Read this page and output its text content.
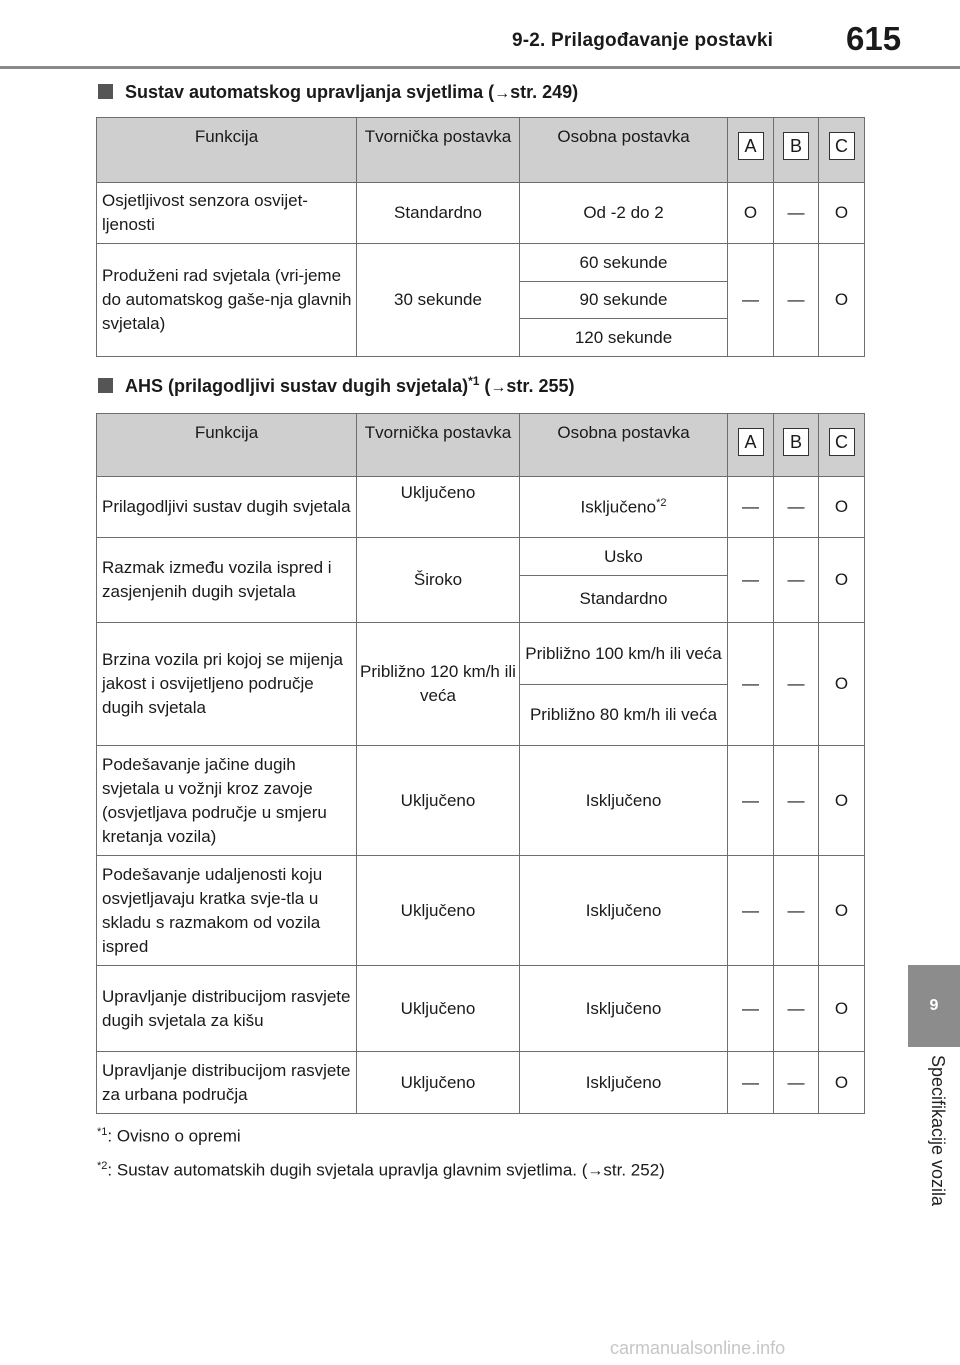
9-2. Prilagođavanje postavki 615
Sustav automatskog upravljanja svjetlima (→str. 249)
Funkcija	Tvornička postavka	Osobna postavka	A	B	C
Osjetljivost senzora osvijet-ljenosti	Standardno	Od -2 do 2	O	—	O
Produženi rad svjetala (vri-jeme do automatskog gaše-nja glavnih svjetala)	30 sekunde	60 sekunde	—	—	O
		90 sekunde			
		120 sekunde			
AHS (prilagodljivi sustav dugih svjetala)$^{*1}$ (→str. 255)
Funkcija	Tvornička postavka	Osobna postavka	A	B	C
Prilagodljivi sustav dugih svjetala	Uključeno	Isključeno$^{*2}$	—	—	O
Razmak između vozila ispred i zasjenjenih dugih svjetala	Široko	Usko	—	—	O
		Standardno			
Brzina vozila pri kojoj se mijenja jakost i osvijetljeno područje dugih svjetala	Približno 120 km/h ili veća	Približno 100 km/h ili veća	—	—	O
		Približno 80 km/h ili veća			
Podešavanje jačine dugih svjetala u vožnji kroz zavoje (osvjetljava područje u smjeru kretanja vozila)	Uključeno	Isključeno	—	—	O
Podešavanje udaljenosti koju osvjetljavaju kratka svje-tla u skladu s razmakom od vozila ispred	Uključeno	Isključeno	—	—	O
Upravljanje distribucijom rasvjete dugih svjetala za kišu	Uključeno	Isključeno	—	—	O
Upravljanje distribucijom rasvjete za urbana područja	Uključeno	Isključeno	—	—	O
$^{*1}$: Ovisno o opremi
$^{*2}$: Sustav automatskih dugih svjetala upravlja glavnim svjetlima. (→str. 252)
9
Specifikacije vozila
carmanualsonline.info
